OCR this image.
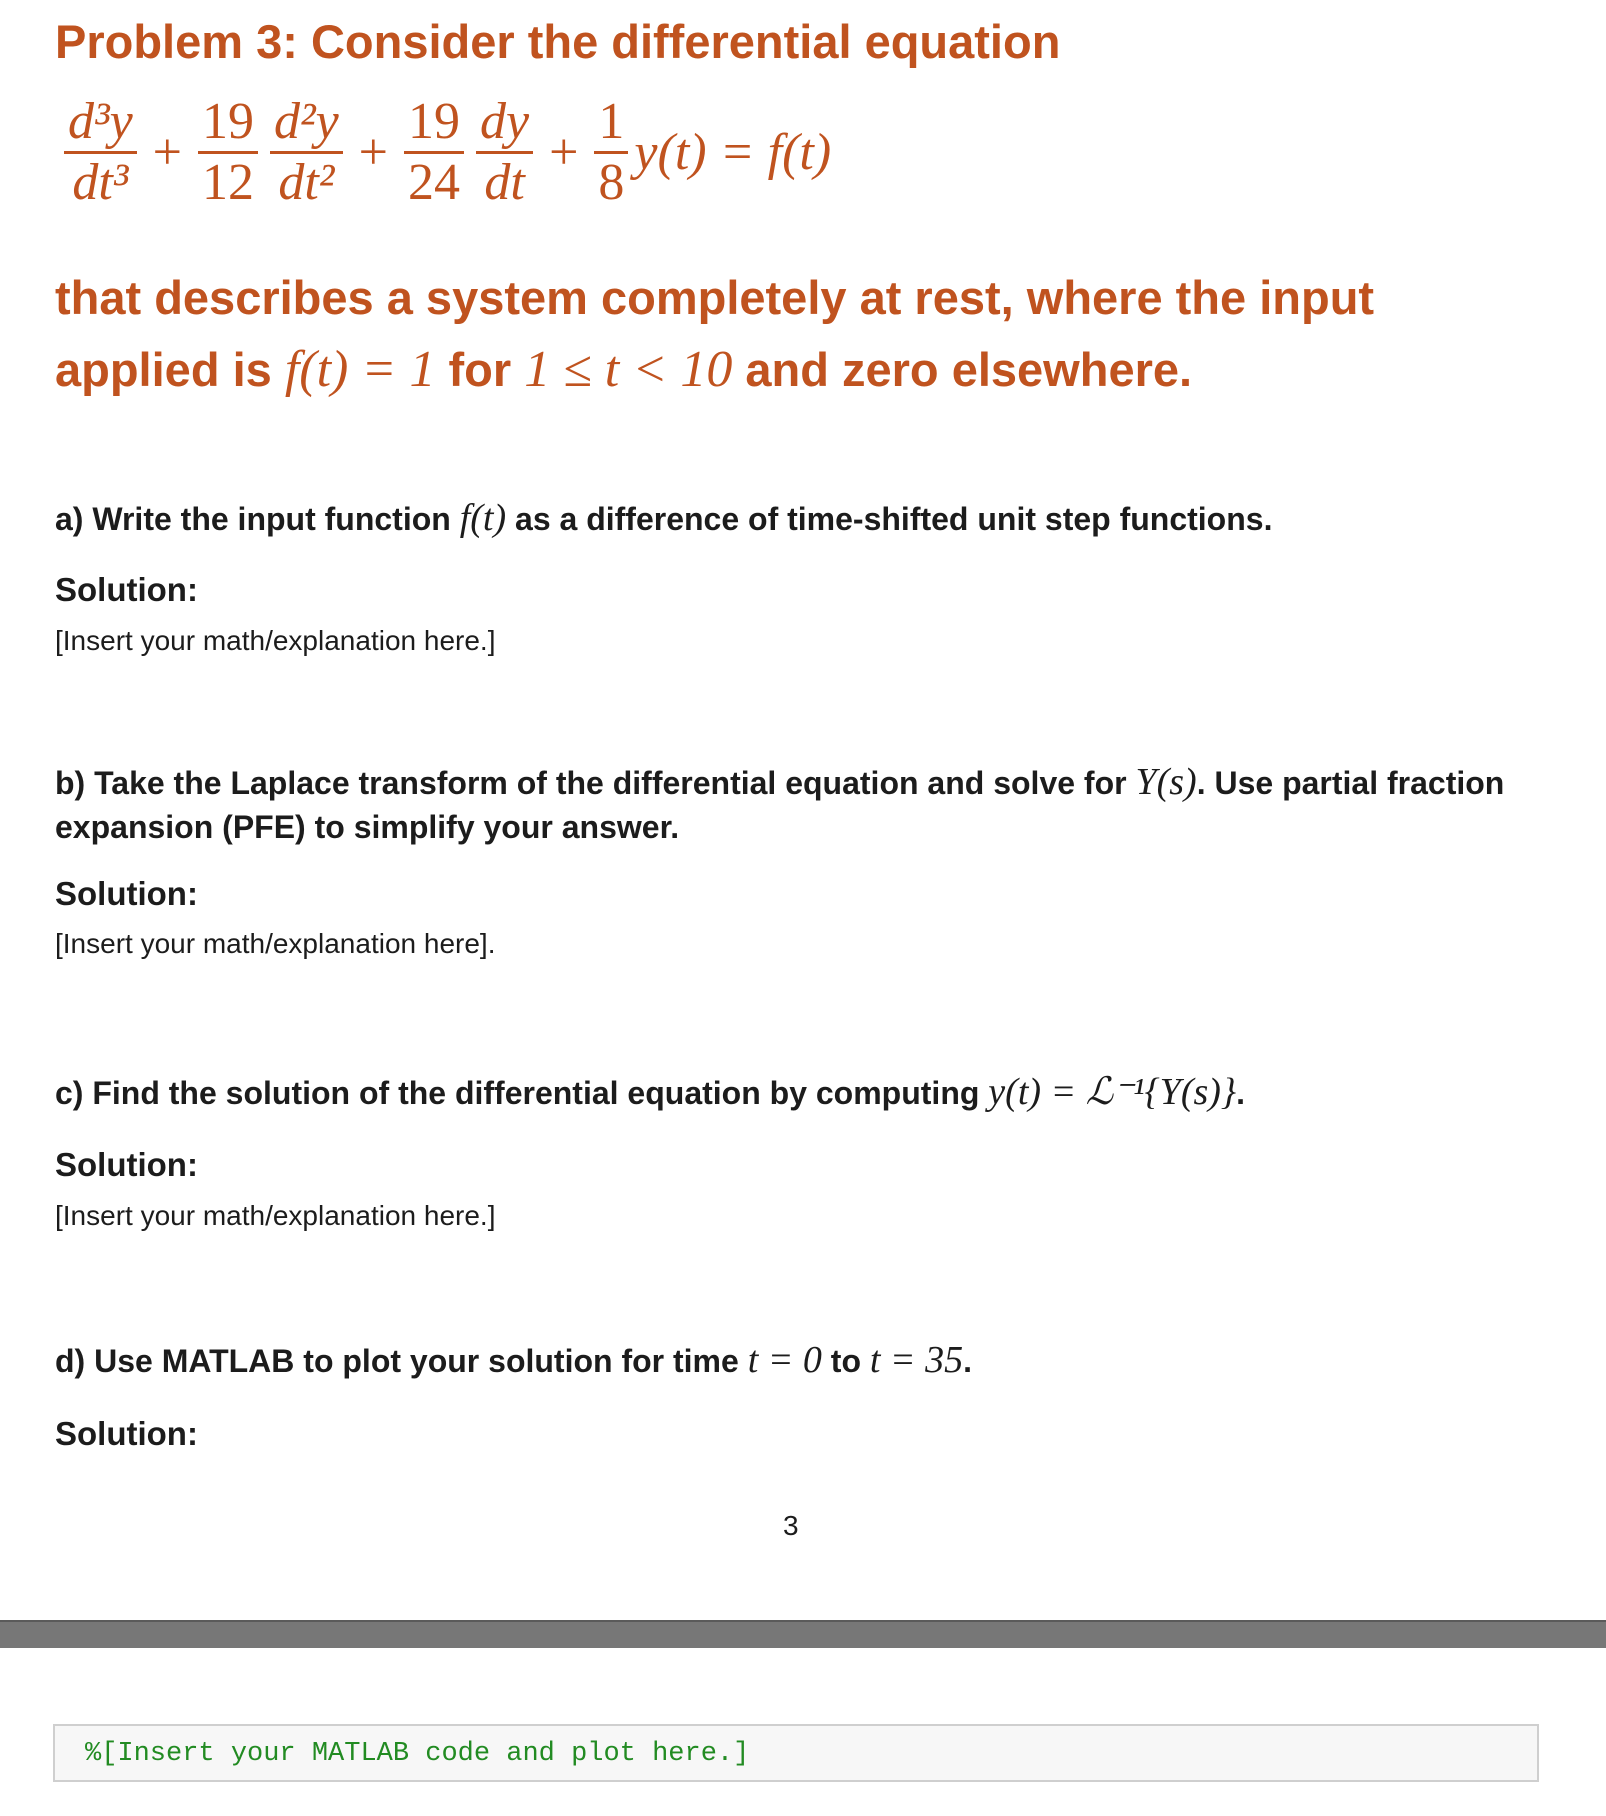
Problem 3: Consider the differential equation
$\frac{\text{d³y}}{\text{dt³}} + \frac{19}{12} \frac{\text{d²y}}{\text{dt²}} + \frac{19}{24} \frac{dy}{dt} + \frac{1}{8} y(t) = f(t)$
that describes a system completely at rest, where the input
applied is f(t) = 1 for 1 ≤ t < 10 and zero elsewhere.
a) Write the input function f(t) as a difference of time-shifted unit step functions.
Solution:
[Insert your math/explanation here.]
b) Take the Laplace transform of the differential equation and solve for Y(s). Use partial fraction expansion (PFE) to simplify your answer.
Solution:
[Insert your math/explanation here].
c) Find the solution of the differential equation by computing y(t) = ℒ⁻¹{Y(s)}.
Solution:
[Insert your math/explanation here.]
d) Use MATLAB to plot your solution for time t = 0 to t = 35.
Solution:
3
%[Insert your MATLAB code and plot here.]
